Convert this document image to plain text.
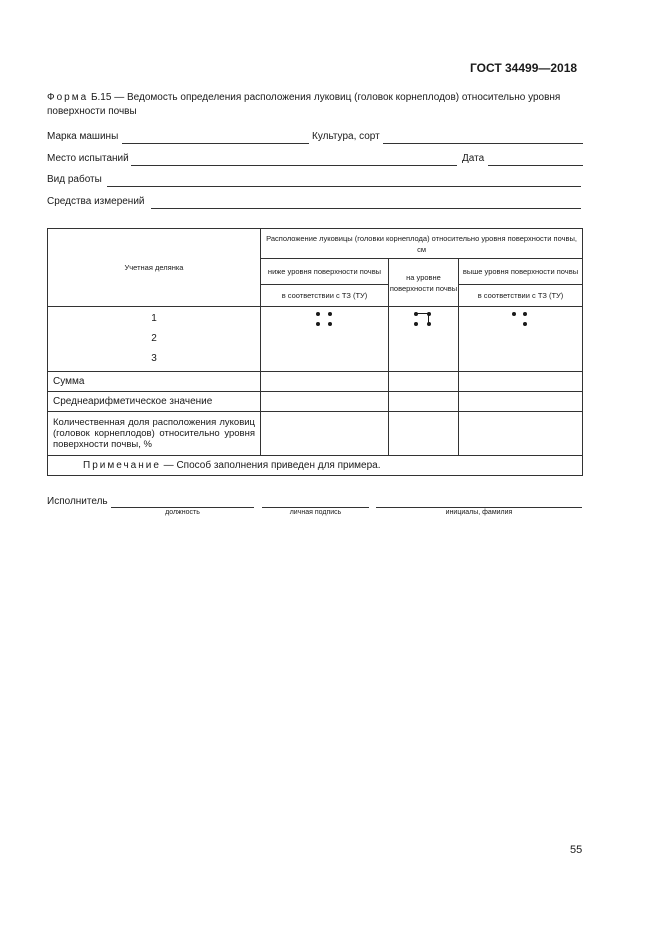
ГОСТ 34499—2018
Форма Б.15 — Ведомость определения расположения луковиц (головок корнеплодов) относительно уровня поверхности почвы
Марка машины	Культура, сорт
Место испытаний	Дата
Вид работы
Средства измерений
Учетная делянка	Расположение луковицы (головки корнеплода) относительно уровня поверхности почвы, см		
	ниже уровня поверхности почвы	на уровне поверхности почвы	выше уровня поверхности почвы
	в соответствии с ТЗ (ТУ)		в соответствии с ТЗ (ТУ)

1
2
3			

Сумма			
Среднеарифметическое значение			
Количественная доля расположения луковиц (головок корнеплодов) относительно уровня поверхности почвы, %			
Примечание — Способ заполнения приведен для примера.			
Исполнитель
должность	личная подпись	инициалы, фамилия
55
